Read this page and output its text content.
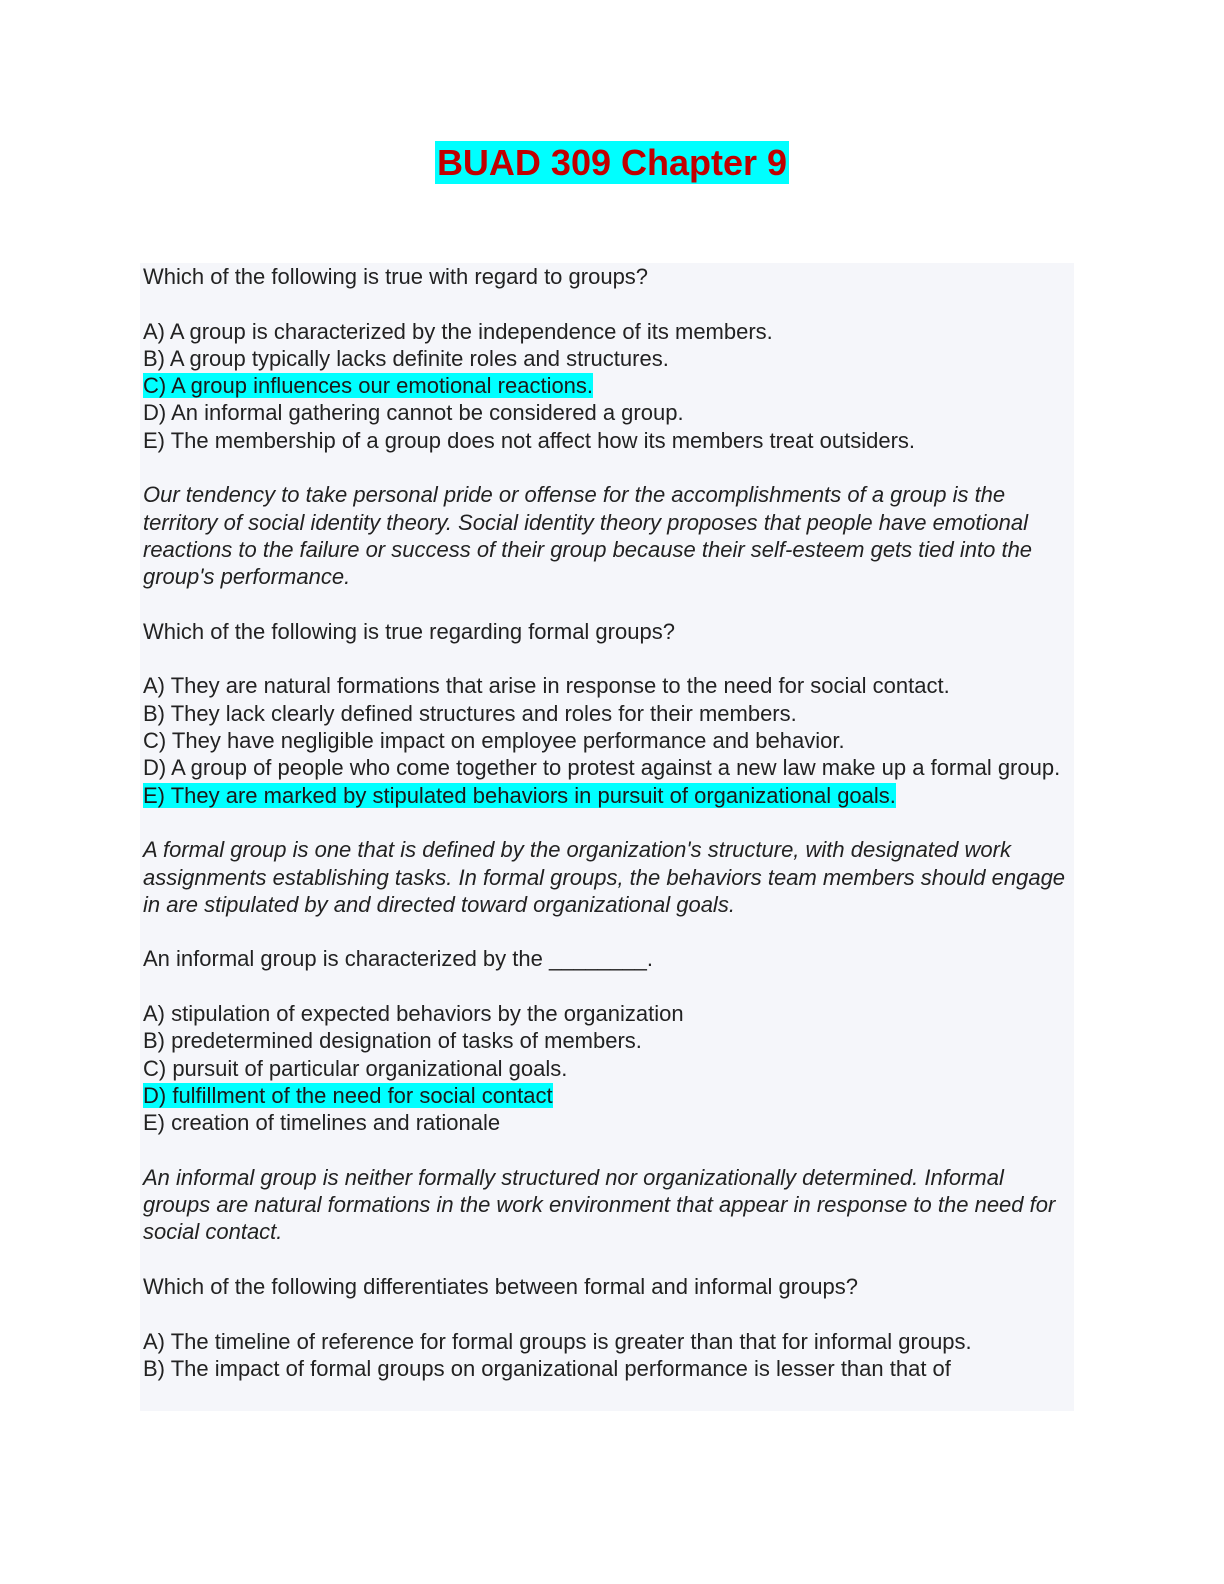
BUAD 309 Chapter 9

Which of the following is true with regard to groups?

A) A group is characterized by the independence of its members.

B) A group typically lacks definite roles and structures.

C) A group influences our emotional reactions.

D) An informal gathering cannot be considered a group.

E) The membership of a group does not affect how its members treat outsiders.

Our tendency to take personal pride or offense for the accomplishments of a group is the territory of social identity theory. Social identity theory proposes that people have emotional reactions to the failure or success of their group because their self-esteem gets tied into the group's performance.

Which of the following is true regarding formal groups?

A) They are natural formations that arise in response to the need for social contact.

B) They lack clearly defined structures and roles for their members.

C) They have negligible impact on employee performance and behavior.

D) A group of people who come together to protest against a new law make up a formal group.

E) They are marked by stipulated behaviors in pursuit of organizational goals.

A formal group is one that is defined by the organization's structure, with designated work assignments establishing tasks. In formal groups, the behaviors team members should engage in are stipulated by and directed toward organizational goals.

An informal group is characterized by the ________.

A) stipulation of expected behaviors by the organization

B) predetermined designation of tasks of members.

C) pursuit of particular organizational goals.

D) fulfillment of the need for social contact

E) creation of timelines and rationale

An informal group is neither formally structured nor organizationally determined. Informal groups are natural formations in the work environment that appear in response to the need for social contact.

Which of the following differentiates between formal and informal groups?

A) The timeline of reference for formal groups is greater than that for informal groups.

B) The impact of formal groups on organizational performance is lesser than that of
